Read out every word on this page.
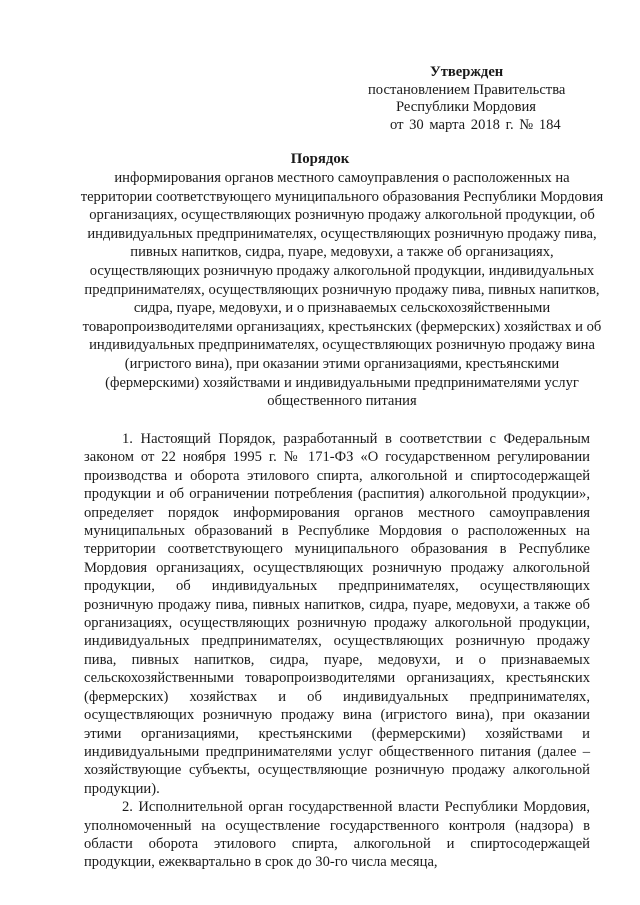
Утвержден
постановлением Правительства
Республики Мордовия
от 30 марта 2018 г. № 184
Порядок
информирования органов местного самоуправления о расположенных на территории соответствующего муниципального образования Республики Мордовия организациях, осуществляющих розничную продажу алкогольной продукции, об индивидуальных предпринимателях, осуществляющих розничную продажу пива, пивных напитков, сидра, пуаре, медовухи, а также об организациях, осуществляющих розничную продажу алкогольной продукции, индивидуальных предпринимателях, осуществляющих розничную продажу пива, пивных напитков, сидра, пуаре, медовухи, и о признаваемых сельскохозяйственными товаропроизводителями организациях, крестьянских (фермерских) хозяйствах и об индивидуальных предпринимателях, осуществляющих розничную продажу вина (игристого вина), при оказании этими организациями, крестьянскими (фермерскими) хозяйствами и индивидуальными предпринимателями услуг общественного питания

1. Настоящий Порядок, разработанный в соответствии с Федеральным законом от 22 ноября 1995 г. № 171-ФЗ «О государственном регулировании производства и оборота этилового спирта, алкогольной и спиртосодержащей продукции и об ограничении потребления (распития) алкогольной продукции», определяет порядок информирования органов местного самоуправления муниципальных образований в Республике Мордовия о расположенных на территории соответствующего муниципального образования в Республике Мордовия организациях, осуществляющих розничную продажу алкогольной продукции, об индивидуальных предпринимателях, осуществляющих розничную продажу пива, пивных напитков, сидра, пуаре, медовухи, а также об организациях, осуществляющих розничную продажу алкогольной продукции, индивидуальных предпринимателях, осуществляющих розничную продажу пива, пивных напитков, сидра, пуаре, медовухи, и о признаваемых сельскохозяйственными товаропроизводителями организациях, крестьянских (фермерских) хозяйствах и об индивидуальных предпринимателях, осуществляющих розничную продажу вина (игристого вина), при оказании этими организациями, крестьянскими (фермерскими) хозяйствами и индивидуальными предпринимателями услуг общественного питания (далее – хозяйствующие субъекты, осуществляющие розничную продажу алкогольной продукции).

2. Исполнительной орган государственной власти Республики Мордовия, уполномоченный на осуществление государственного контроля (надзора) в области оборота этилового спирта, алкогольной и спиртосодержащей продукции, ежеквартально в срок до 30-го числа месяца,
